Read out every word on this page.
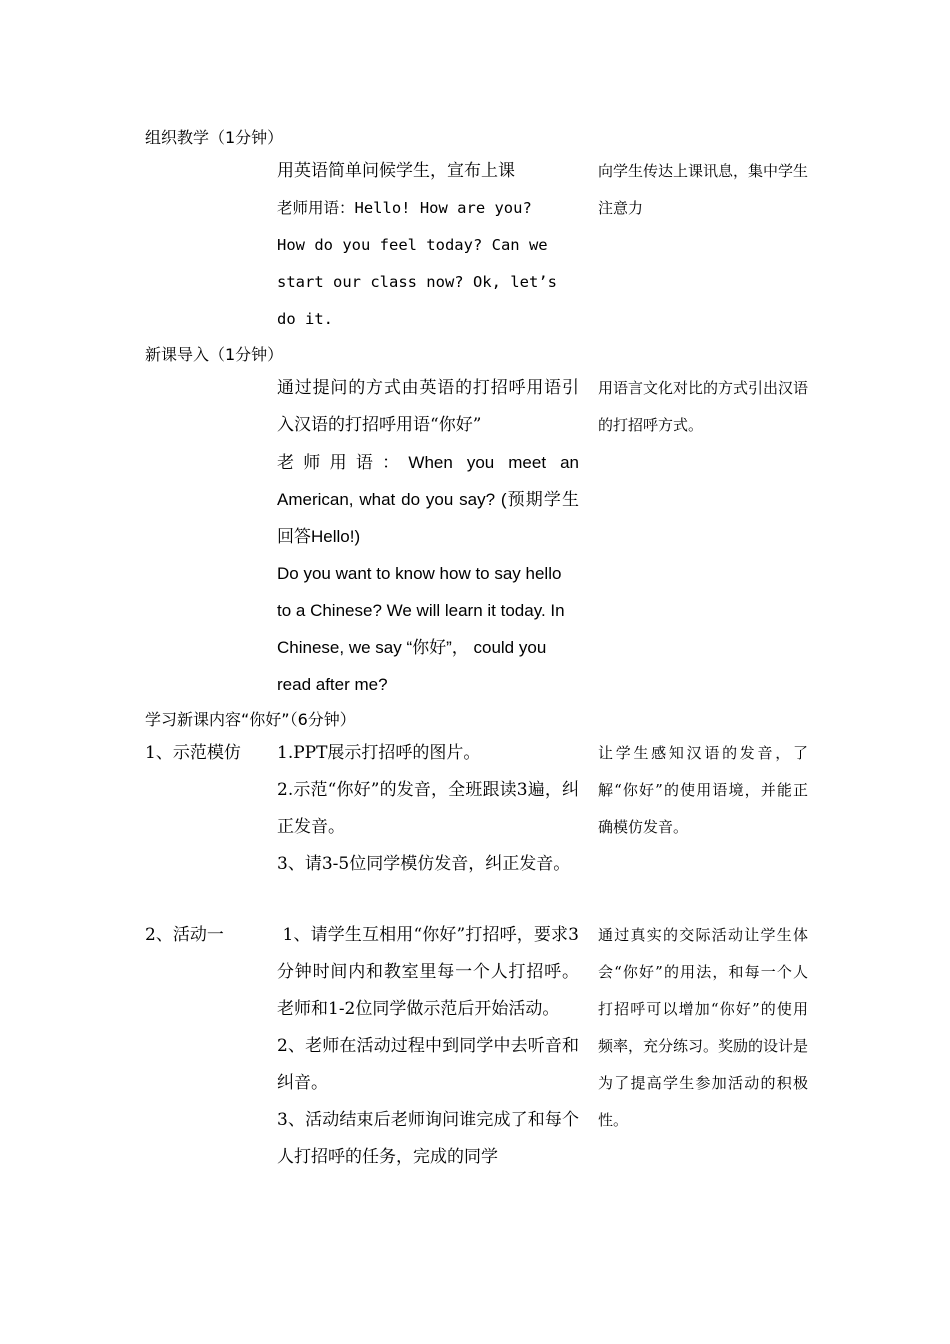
组织教学（1分钟）

用英语简单问候学生，宣布上课

老师用语：Hello! How are you?

How do you feel today? Can we

start our class now? Ok, let’s

do it.

向学生传达上课讯息，集中学生注意力

新课导入（1分钟）

通过提问的方式由英语的打招呼用语引入汉语的打招呼用语“你好”

老师用语：When you meet an American, what do you say? (预期学生回答Hello!)

Do you want to know how to say hello to a Chinese? We will learn it today. In Chinese, we say “你好”， could you read after me?

用语言文化对比的方式引出汉语的打招呼方式。

学习新课内容“你好”（6分钟）
1、示范模仿 1.PPT展示打招呼的图片。

2.示范“你好”的发音，全班跟读3遍，纠正发音。

3、请3-5位同学模仿发音，纠正发音。

让学生感知汉语的发音，了解“你好”的使用语境，并能正确模仿发音。

2、活动一	1、请学生互相用“你好”打招呼，要求3分钟时间内和教室里每一个人打招呼。老师和1-2位同学做示范后开始活动。

2、老师在活动过程中到同学中去听音和纠音。

3、活动结束后老师询问谁完成了和每个人打招呼的任务，完成的同学

通过真实的交际活动让学生体会“你好”的用法，和每一个人打招呼可以增加“你好”的使用频率，充分练习。奖励的设计是为了提高学生参加活动的积极性。
